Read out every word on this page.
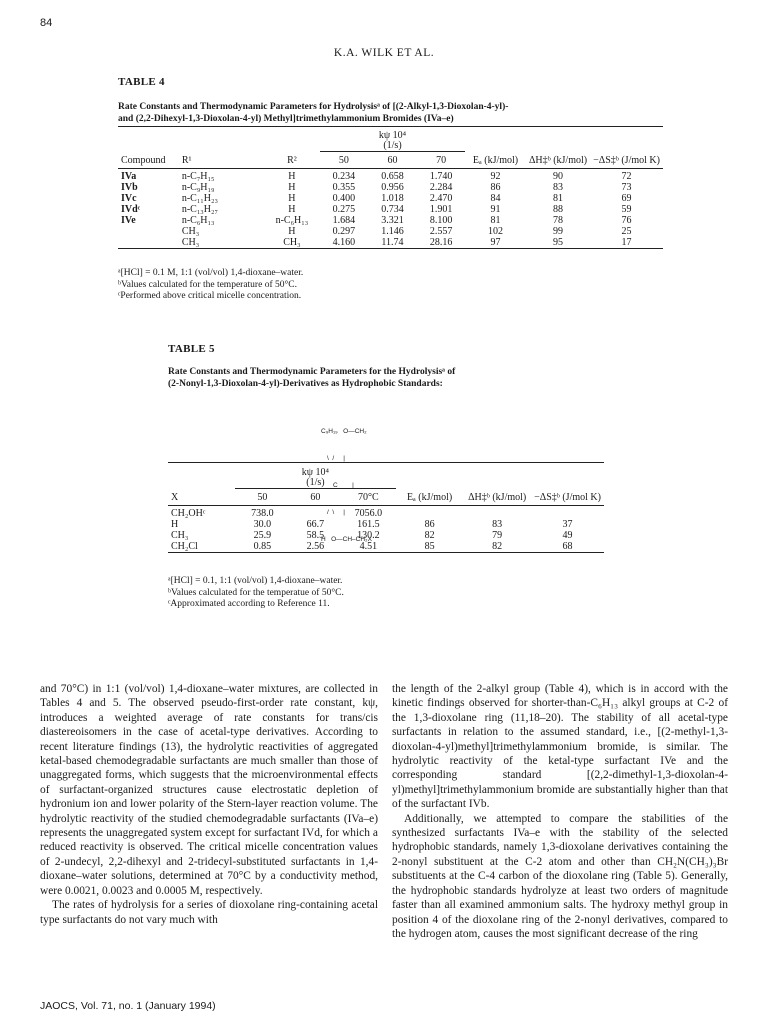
84
K.A. WILK ET AL.
TABLE 4
Rate Constants and Thermodynamic Parameters for Hydrolysisᵃ of [(2-Alkyl-1,3-Dioxolan-4-yl)-
and (2,2-Dihexyl-1,3-Dioxolan-4-yl) Methyl]trimethylammonium Bromides (IVa–e)

			kψ 10⁴
(1/s)					

Compound	R¹	R²	50	60	70	Eₐ (kJ/mol)	ΔH‡ᵇ (kJ/mol)	−ΔS‡ᵇ (J/mol K)

IVa	n-C₇H₁₅	H	0.234	0.658	1.740	92	90	72
IVb	n-C₉H₁₉	H	0.355	0.956	2.284	86	83	73
IVc	n-C₁₁H₂₃	H	0.400	1.018	2.470	84	81	69
IVdᶜ	n-C₁₃H₂₇	H	0.275	0.734	1.901	91	88	59
IVe	n-C₆H₁₃	n-C₆H₁₃	1.684	3.321	8.100	81	78	76
	CH₃	H	0.297	1.146	2.557	102	99	25
	CH₃	CH₃	4.160	11.74	28.16	97	95	17

ᵃ[HCl] = 0.1 M, 1:1 (vol/vol) 1,4-dioxane–water.
ᵇValues calculated for the temperature of 50°C.
ᶜPerformed above critical micelle concentration.
TABLE 5
Rate Constants and Thermodynamic Parameters for the Hydrolysisᵃ of
(2-Nonyl-1,3-Dioxolan-4-yl)-Derivatives as Hydrophobic Standards:

C₉H₁₉   O—CH₂

\  /     |

C        |

/  \     |

H   O—CH–CH₂X

	kψ 10⁴
(1/s)					

X	50	60	70°C	Eₐ (kJ/mol)	ΔH‡ᵇ (kJ/mol)	−ΔS‡ᵇ (J/mol K)

CH₂OHᶜ	738.0		7056.0			
H	30.0	66.7	161.5	86	83	37
CH₃	25.9	58.5	130.2	82	79	49
CH₂Cl	0.85	2.56	4.51	85	82	68

ᵃ[HCl] = 0.1, 1:1 (vol/vol) 1,4-dioxane–water.
ᵇValues calculated for the temperatue of 50°C.
ᶜApproximated according to Reference 11.

and 70°C) in 1:1 (vol/vol) 1,4-dioxane–water mixtures, are collected in Tables 4 and 5. The observed pseudo-first-order rate constant, kψ, introduces a weighted average of rate constants for trans/cis diastereoisomers in the case of acetal-type derivatives. According to recent literature findings (13), the hydrolytic reactivities of aggregated ketal-based chemodegradable surfactants are much smaller than those of unaggregated forms, which suggests that the microenvironmental effects of surfactant-organized structures cause electrostatic depletion of hydronium ion and lower polarity of the Stern-layer reaction volume. The hydrolytic reactivity of the studied chemodegradable surfactants (IVa–e) represents the unaggregated system except for surfactant IVd, for which a reduced reactivity is observed. The critical micelle concentration values of 2-undecyl, 2,2-dihexyl and 2-tridecyl-substituted surfactants in 1,4- dioxane–water solutions, determined at 70°C by a conductivity method, were 0.0021, 0.0023 and 0.0005 M, respectively.

The rates of hydrolysis for a series of dioxolane ring-containing acetal type surfactants do not vary much with

the length of the 2-alkyl group (Table 4), which is in accord with the kinetic findings observed for shorter-than-C₆H₁₃ alkyl groups at C-2 of the 1,3-dioxolane ring (11,18–20). The stability of all acetal-type surfactants in relation to the assumed standard, i.e., [(2-methyl-1,3-dioxolan-4-yl)methyl]trimethylammonium bromide, is similar. The hydrolytic reactivity of the ketal-type surfactant IVe and the corresponding standard [(2,2-dimethyl-1,3-dioxolan-4-yl)methyl]trimethylammonium bromide are substantially higher than that of the surfactant IVb.

Additionally, we attempted to compare the stabilities of the synthesized surfactants IVa–e with the stability of the selected hydrophobic standards, namely 1,3-dioxolane derivatives containing the 2-nonyl substituent at the C-2 atom and other than CH₂N(CH₃)₃Br substituents at the C-4 carbon of the dioxolane ring (Table 5). Generally, the hydrophobic standards hydrolyze at least two orders of magnitude faster than all examined ammonium salts. The hydroxy methyl group in position 4 of the dioxolane ring of the 2-nonyl derivatives, compared to the hydrogen atom, causes the most significant decrease of the ring

JAOCS, Vol. 71, no. 1 (January 1994)
